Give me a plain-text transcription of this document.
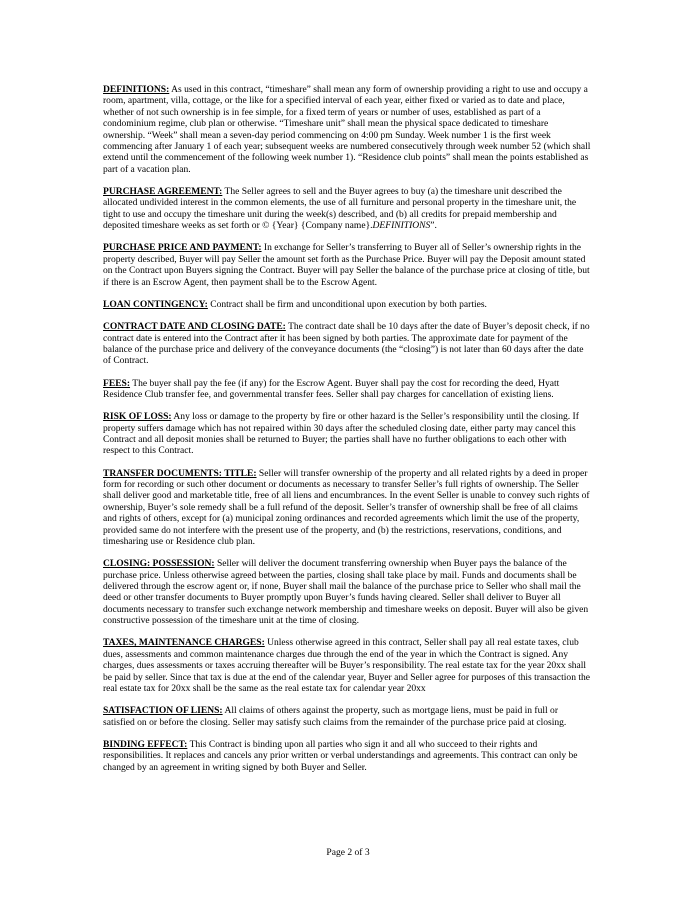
DEFINITIONS: As used in this contract, “timeshare” shall mean any form of ownership providing a right to use and occupy a room, apartment, villa, cottage, or the like for a specified interval of each year, either fixed or varied as to date and place, whether of not such ownership is in fee simple, for a fixed term of years or number of uses, established as part of a condominium regime, club plan or otherwise. “Timeshare unit” shall mean the physical space dedicated to timeshare ownership. “Week” shall mean a seven-day period commencing on 4:00 pm Sunday. Week number 1 is the first week commencing after January 1 of each year; subsequent weeks are numbered consecutively through week number 52 (which shall extend until the commencement of the following week number 1). “Residence club points” shall mean the points established as part of a vacation plan.

PURCHASE AGREEMENT: The Seller agrees to sell and the Buyer agrees to buy (a) the timeshare unit described the allocated undivided interest in the common elements, the use of all furniture and personal property in the timeshare unit, the tight to use and occupy the timeshare unit during the week(s) described, and (b) all credits for prepaid membership and deposited timeshare weeks as set forth or © {Year} {Company name}.DEFINITIONS”.

PURCHASE PRICE AND PAYMENT: In exchange for Seller’s transferring to Buyer all of Seller’s ownership rights in the property described, Buyer will pay Seller the amount set forth as the Purchase Price. Buyer will pay the Deposit amount stated on the Contract upon Buyers signing the Contract. Buyer will pay Seller the balance of the purchase price at closing of title, but if there is an Escrow Agent, then payment shall be to the Escrow Agent.

LOAN CONTINGENCY: Contract shall be firm and unconditional upon execution by both parties.

CONTRACT DATE AND CLOSING DATE: The contract date shall be 10 days after the date of Buyer’s deposit check, if no contract date is entered into the Contract after it has been signed by both parties. The approximate date for payment of the balance of the purchase price and delivery of the conveyance documents (the “closing”) is not later than 60 days after the date of Contract.

FEES: The buyer shall pay the fee (if any) for the Escrow Agent. Buyer shall pay the cost for recording the deed, Hyatt Residence Club transfer fee, and governmental transfer fees. Seller shall pay charges for cancellation of existing liens.

RISK OF LOSS: Any loss or damage to the property by fire or other hazard is the Seller’s responsibility until the closing. If property suffers damage which has not repaired within 30 days after the scheduled closing date, either party may cancel this Contract and all deposit monies shall be returned to Buyer; the parties shall have no further obligations to each other with respect to this Contract.

TRANSFER DOCUMENTS: TITLE: Seller will transfer ownership of the property and all related rights by a deed in proper form for recording or such other document or documents as necessary to transfer Seller’s full rights of ownership. The Seller shall deliver good and marketable title, free of all liens and encumbrances. In the event Seller is unable to convey such rights of ownership, Buyer’s sole remedy shall be a full refund of the deposit. Seller’s transfer of ownership shall be free of all claims and rights of others, except for (a) municipal zoning ordinances and recorded agreements which limit the use of the property, provided same do not interfere with the present use of the property, and (b) the restrictions, reservations, conditions, and timesharing use or Residence club plan.

CLOSING: POSSESSION: Seller will deliver the document transferring ownership when Buyer pays the balance of the purchase price. Unless otherwise agreed between the parties, closing shall take place by mail. Funds and documents shall be delivered through the escrow agent or, if none, Buyer shall mail the balance of the purchase price to Seller who shall mail the deed or other transfer documents to Buyer promptly upon Buyer’s funds having cleared. Seller shall deliver to Buyer all documents necessary to transfer such exchange network membership and timeshare weeks on deposit. Buyer will also be given constructive possession of the timeshare unit at the time of closing.

TAXES, MAINTENANCE CHARGES: Unless otherwise agreed in this contract, Seller shall pay all real estate taxes, club dues, assessments and common maintenance charges due through the end of the year in which the Contract is signed. Any charges, dues assessments or taxes accruing thereafter will be Buyer’s responsibility. The real estate tax for the year 20xx shall be paid by seller. Since that tax is due at the end of the calendar year, Buyer and Seller agree for purposes of this transaction the real estate tax for 20xx shall be the same as the real estate tax for calendar year 20xx

SATISFACTION OF LIENS: All claims of others against the property, such as mortgage liens, must be paid in full or satisfied on or before the closing. Seller may satisfy such claims from the remainder of the purchase price paid at closing.

BINDING EFFECT: This Contract is binding upon all parties who sign it and all who succeed to their rights and responsibilities. It replaces and cancels any prior written or verbal understandings and agreements. This contract can only be changed by an agreement in writing signed by both Buyer and Seller.

Page 2 of 3
